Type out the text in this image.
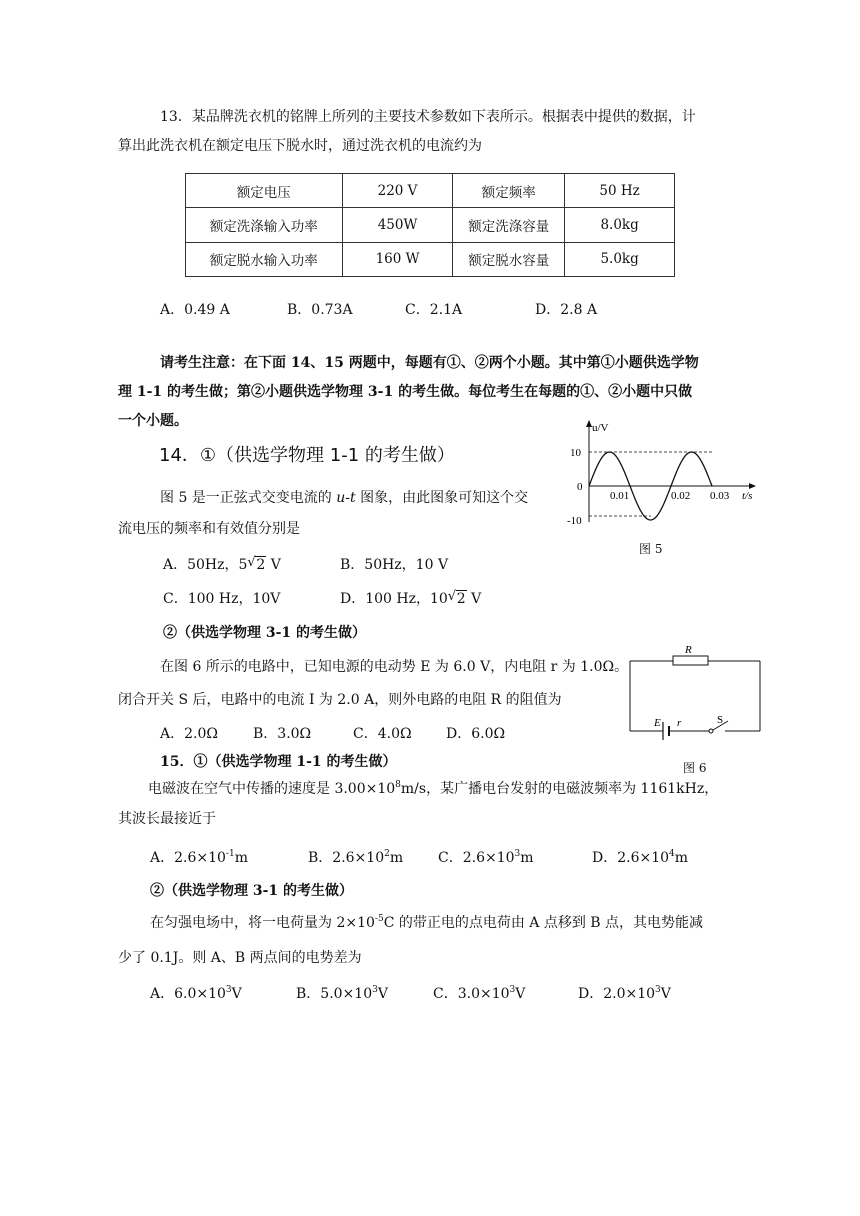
13．某品牌洗衣机的铭牌上所列的主要技术参数如下表所示。根据表中提供的数据，计
算出此洗衣机在额定电压下脱水时，通过洗衣机的电流约为
额定电压	220 V	额定频率	50 Hz
额定洗涤输入功率	450W	额定洗涤容量	8.0kg
额定脱水输入功率	160 W	额定脱水容量	5.0kg
A．0.49 A	B．0.73A	C．2.1A	D．2.8 A
请考生注意：在下面 14、15 两题中，每题有①、②两个小题。其中第①小题供选学物
理 1-1 的考生做；第②小题供选学物理 3-1 的考生做。每位考生在每题的①、②小题中只做
一个小题。
14．①（供选学物理 1-1 的考生做）
图 5 是一正弦式交变电流的 u-t 图象，由此图象可知这个交
流电压的频率和有效值分别是
A．50Hz，5 √ 2 V	B．50Hz，10 V
C．100 Hz，10V	D．100 Hz，10 √ 2 V
u/V
10
0
-10
0.01	0.02 0.03 t/s
图 5
②（供选学物理 3-1 的考生做）
在图 6 所示的电路中，已知电源的电动势 E 为 6.0 V，内电阻 r 为 1.0Ω。
闭合开关 S 后，电路中的电流 I 为 2.0 A，则外电路的电阻 R 的阻值为
A．2.0Ω	B．3.0Ω	C．4.0Ω D．6.0Ω
R
E r	S
图 6
15．①（供选学物理 1-1 的考生做）
电磁波在空气中传播的速度是 $3.00\times 10^8m/s$，某广播电台发射的电磁波频率为 1161kHz，
其波长最接近于
A．$2.6\times 10^{-1}m$	B．$2.6\times 10^2m$ C．$2.6\times 10^3m$	D．$2.6\times 10^4m$
②（供选学物理 3-1 的考生做）
在匀强电场中，将一电荷量为 $2\times 10^{-5}C$ 的带正电的点电荷由 A 点移到 B 点，其电势能减
少了 0.1J。则 A、B 两点间的电势差为
A．$6.0\times 10^3V$	B．$5.0\times 10^3V$	C．$3.0\times 10^3V$	D．$2.0\times 10^3V$
